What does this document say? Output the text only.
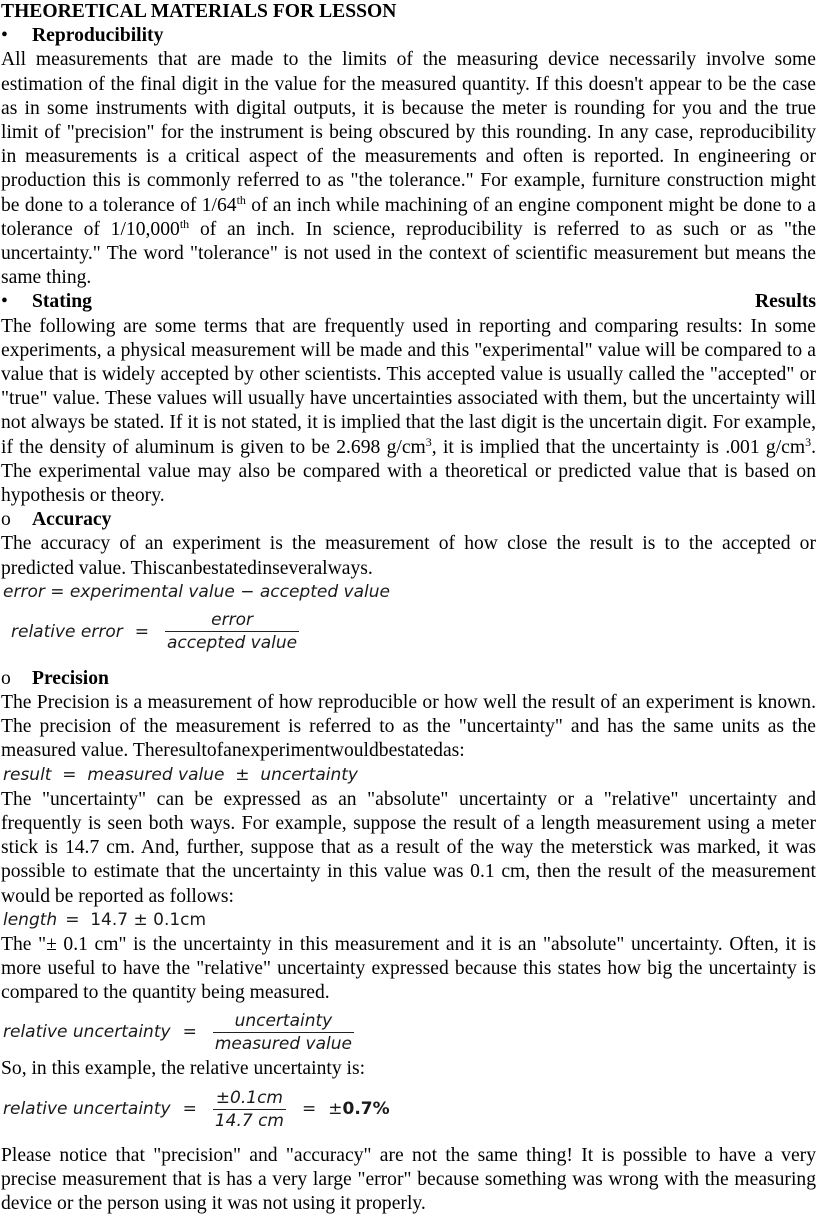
THEORETICAL MATERIALS FOR LESSON
•	Reproducibility

All measurements that are made to the limits of the measuring device necessarily involve some estimation of the final digit in the value for the measured quantity. If this doesn't appear to be the case as in some instruments with digital outputs, it is because the meter is rounding for you and the true limit of "precision" for the instrument is being obscured by this rounding. In any case, reproducibility in measurements is a critical aspect of the measurements and often is reported. In engineering or production this is commonly referred to as "the tolerance." For example, furniture construction might be done to a tolerance of 1/64th of an inch while machining of an engine component might be done to a tolerance of 1/10,000th of an inch. In science, reproducibility is referred to as such or as "the uncertainty." The word "tolerance" is not used in the context of scientific measurement but means the same thing.

•	Stating	Results

The following are some terms that are frequently used in reporting and comparing results: In some experiments, a physical measurement will be made and this "experimental" value will be compared to a value that is widely accepted by other scientists. This accepted value is usually called the "accepted" or "true" value. These values will usually have uncertainties associated with them, but the uncertainty will not always be stated. If it is not stated, it is implied that the last digit is the uncertain digit. For example, if the density of aluminum is given to be 2.698 $g/cm^3$, it is implied that the uncertainty is .001 $g/cm^3$. The experimental value may also be compared with a theoretical or predicted value that is based on hypothesis or theory.

o	Accuracy

The accuracy of an experiment is the measurement of how close the result is to the accepted or predicted value. Thiscanbestatedinseveralways.

error = experimental value − accepted value
relative error = $\frac{\text{error}}{\text{accepted value}}$
o	Precision

The Precision is a measurement of how reproducible or how well the result of an experiment is known. The precision of the measurement is referred to as the "uncertainty" and has the same units as the measured value. Theresultofanexperimentwouldbestatedas:

result  =  measured value  ±  uncertainty

The "uncertainty" can be expressed as an "absolute" uncertainty or a "relative" uncertainty and frequently is seen both ways. For example, suppose the result of a length measurement using a meter stick is 14.7 cm. And, further, suppose that as a result of the way the meterstick was marked, it was possible to estimate that the uncertainty in this value was 0.1 cm, then the result of the measurement would be reported as follows:

length =  14.7 ± 0.1cm

The "± 0.1 cm" is the uncertainty in this measurement and it is an "absolute" uncertainty. Often, it is more useful to have the "relative" uncertainty expressed because this states how big the uncertainty is compared to the quantity being measured.

relative uncertainty = $\frac{\text{uncertainty}}{\text{measured value}}$

So, in this example, the relative uncertainty is:

relative uncertainty = $\frac{\pm 0.1cm}{14.7 cm} = \pm 0.7\%$

Please notice that "precision" and "accuracy" are not the same thing! It is possible to have a very precise measurement that is has a very large "error" because something was wrong with the measuring device or the person using it was not using it properly.
